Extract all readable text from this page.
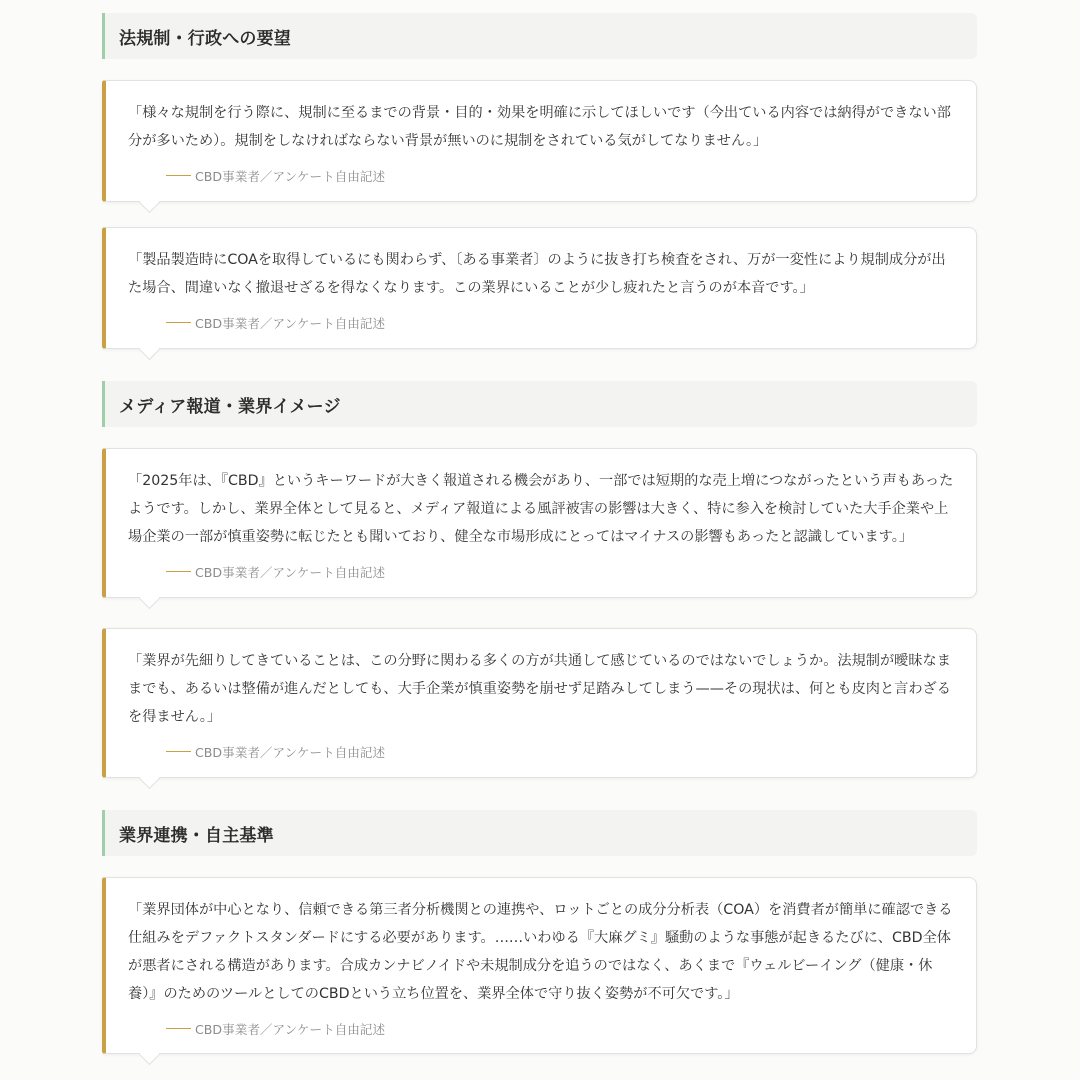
法規制・行政への要望

「様々な規制を行う際に、規制に至るまでの背景・目的・効果を明確に示してほしいです（今出ている内容では納得ができない部分が多いため）。規制をしなければならない背景が無いのに規制をされている気がしてなりません。」

CBD事業者／アンケート自由記述

「製品製造時にCOAを取得しているにも関わらず、〔ある事業者〕のように抜き打ち検査をされ、万が一変性により規制成分が出た場合、間違いなく撤退せざるを得なくなります。この業界にいることが少し疲れたと言うのが本音です。」

CBD事業者／アンケート自由記述
メディア報道・業界イメージ

「2025年は、『CBD』というキーワードが大きく報道される機会があり、一部では短期的な売上増につながったという声もあったようです。しかし、業界全体として見ると、メディア報道による風評被害の影響は大きく、特に参入を検討していた大手企業や上場企業の一部が慎重姿勢に転じたとも聞いており、健全な市場形成にとってはマイナスの影響もあったと認識しています。」

CBD事業者／アンケート自由記述

「業界が先細りしてきていることは、この分野に関わる多くの方が共通して感じているのではないでしょうか。法規制が曖昧なままでも、あるいは整備が進んだとしても、大手企業が慎重姿勢を崩せず足踏みしてしまう——その現状は、何とも皮肉と言わざるを得ません。」

CBD事業者／アンケート自由記述
業界連携・自主基準

「業界団体が中心となり、信頼できる第三者分析機関との連携や、ロットごとの成分分析表（COA）を消費者が簡単に確認できる仕組みをデファクトスタンダードにする必要があります。……いわゆる『大麻グミ』騒動のような事態が起きるたびに、CBD全体が悪者にされる構造があります。合成カンナビノイドや未規制成分を追うのではなく、あくまで『ウェルビーイング（健康・休養）』のためのツールとしてのCBDという立ち位置を、業界全体で守り抜く姿勢が不可欠です。」

CBD事業者／アンケート自由記述
